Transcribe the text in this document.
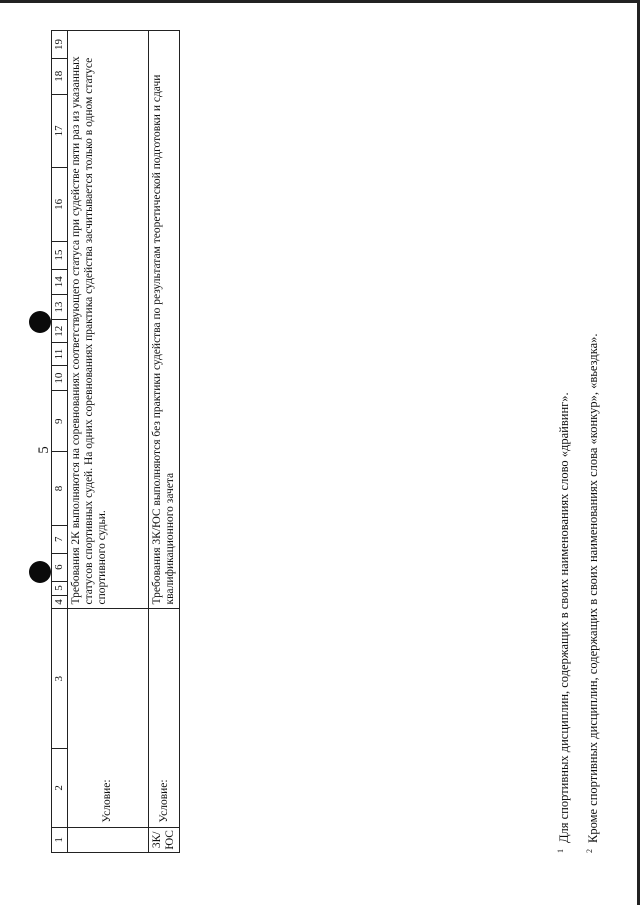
5
1	2	3	4	5	6	7	8	9	10	11	12	13	14	15	16	17	18	19
	Условие:		Требования 2К выполняются на соревнованиях соответствующего статуса при судействе пяти раз из указанных статусов спортивных судей. На одних соревнованиях практика судейства засчитывается только в одном статусе спортивного судьи.															
3К/ЮС	Условие:		Требования 3К/ЮС выполняются без практики судейства по результатам теоретической подготовки и сдачи квалификационного зачета															
$^1$Для спортивных дисциплин, содержащих в своих наименованиях слово «драйвинг».
$^2$Кроме спортивных дисциплин, содержащих в своих наименованиях слова «конкур», «вьездка».
